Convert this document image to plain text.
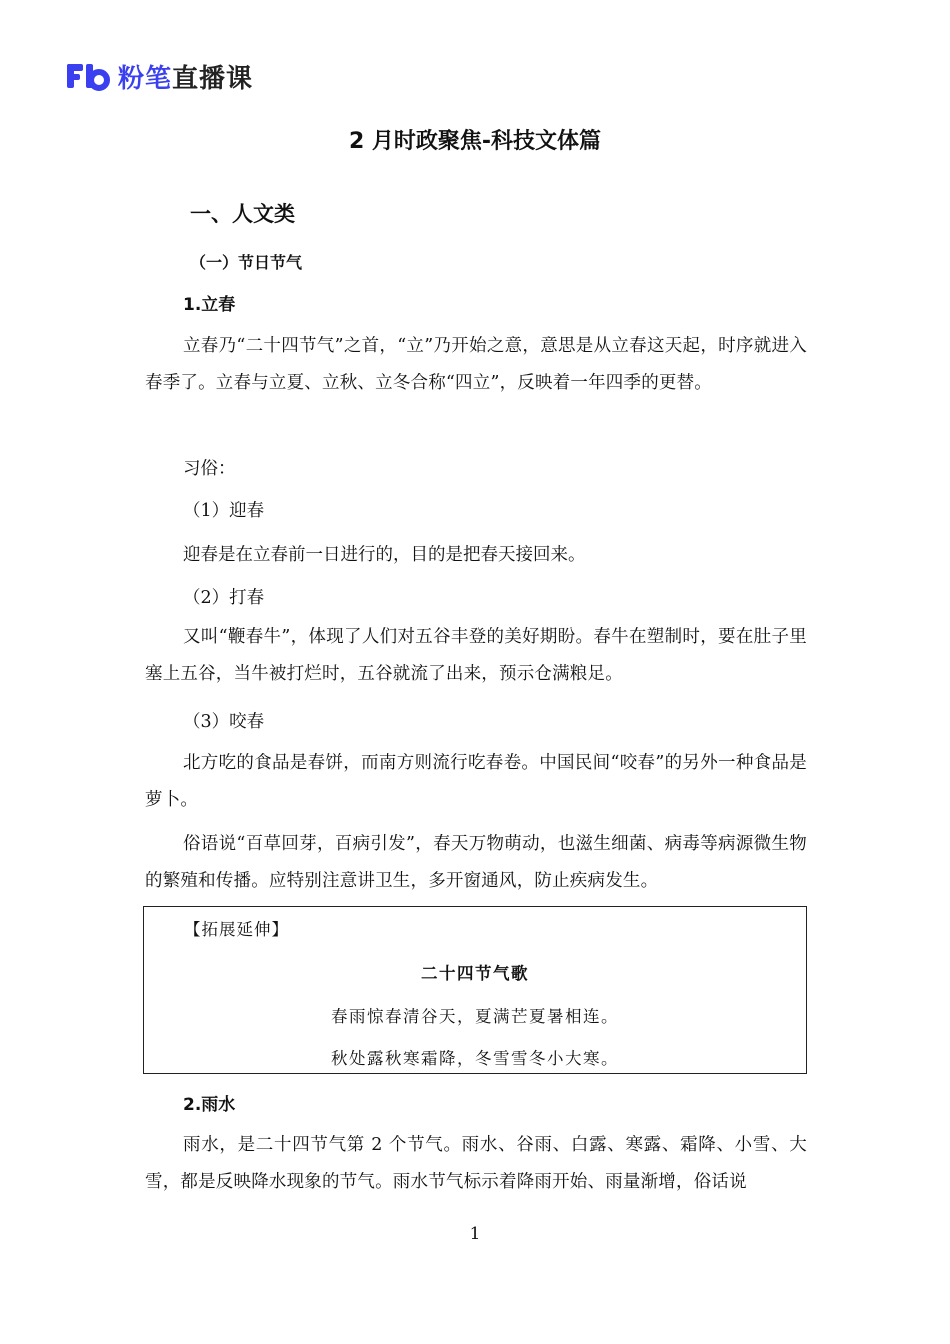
粉笔直播课
2 月时政聚焦-科技文体篇
一、人文类
（一）节日节气
1.立春
立春乃“二十四节气”之首，“立”乃开始之意，意思是从立春这天起，时序就进入春季了。立春与立夏、立秋、立冬合称“四立”，反映着一年四季的更替。
习俗：
（1）迎春
迎春是在立春前一日进行的，目的是把春天接回来。
（2）打春
又叫“鞭春牛”，体现了人们对五谷丰登的美好期盼。春牛在塑制时，要在肚子里塞上五谷，当牛被打烂时，五谷就流了出来，预示仓满粮足。
（3）咬春
北方吃的食品是春饼，而南方则流行吃春卷。中国民间“咬春”的另外一种食品是萝卜。
俗语说“百草回芽，百病引发”，春天万物萌动，也滋生细菌、病毒等病源微生物的繁殖和传播。应特别注意讲卫生，多开窗通风，防止疾病发生。
【拓展延伸】
二十四节气歌
春雨惊春清谷天，夏满芒夏暑相连。
秋处露秋寒霜降，冬雪雪冬小大寒。
2.雨水
雨水，是二十四节气第 2 个节气。雨水、谷雨、白露、寒露、霜降、小雪、大雪，都是反映降水现象的节气。雨水节气标示着降雨开始、雨量渐增，俗话说
1
